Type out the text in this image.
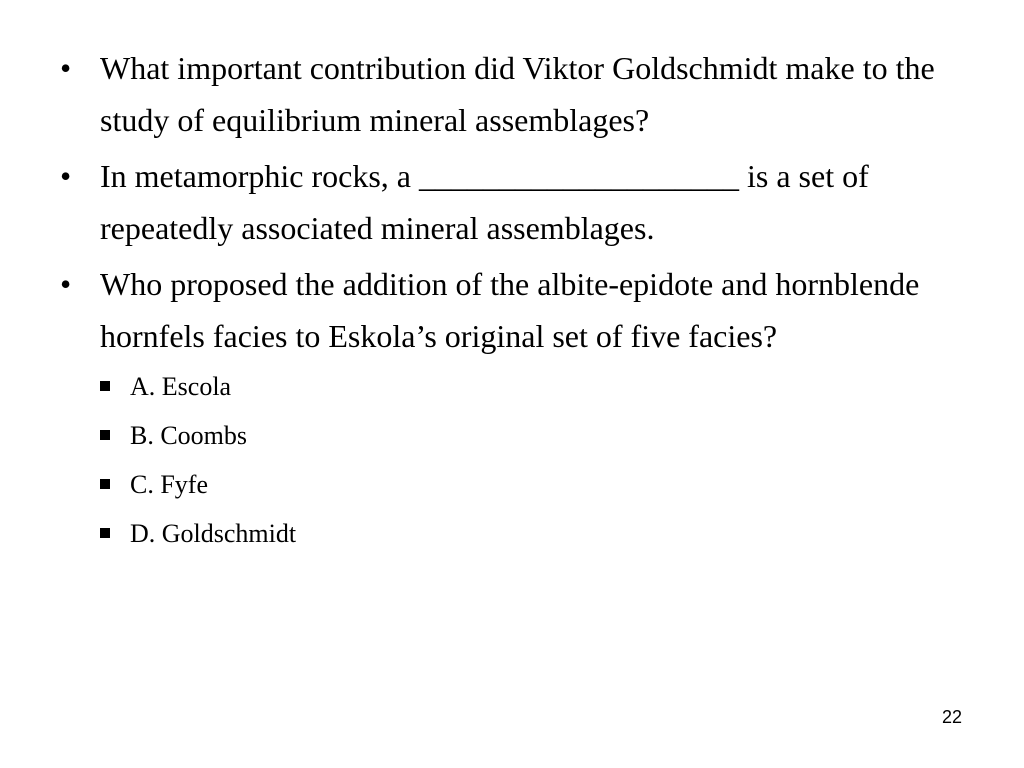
• What important contribution did Viktor Goldschmidt make to the study of equilibrium mineral assemblages?
• In metamorphic rocks, a ____________________ is a set of repeatedly associated mineral assemblages.
• Who proposed the addition of the albite-epidote and hornblende hornfels facies to Eskola’s original set of five facies?
A. Escola
B. Coombs
C. Fyfe
D. Goldschmidt
22
